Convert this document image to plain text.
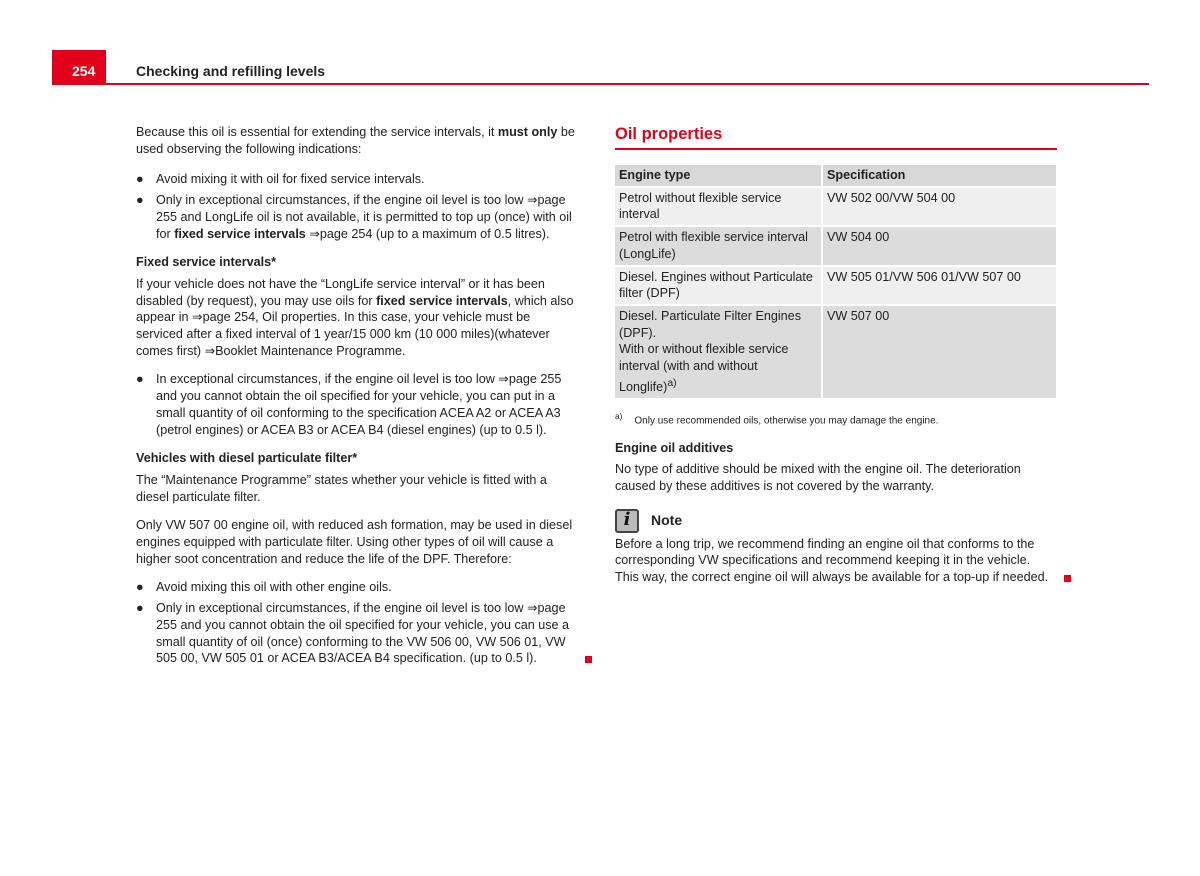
254	Checking and refilling levels

Because this oil is essential for extending the service intervals, it must only be used observing the following indications:

● Avoid mixing it with oil for fixed service intervals.
● Only in exceptional circumstances, if the engine oil level is too low ⇒page 255 and LongLife oil is not available, it is permitted to top up (once) with oil for fixed service intervals ⇒page 254 (up to a maximum of 0.5 litres).
Fixed service intervals*

If your vehicle does not have the “LongLife service interval” or it has been disabled (by request), you may use oils for fixed service intervals, which also appear in ⇒page 254, Oil properties. In this case, your vehicle must be serviced after a fixed interval of 1 year/15 000 km (10 000 miles)(whatever comes first) ⇒Booklet Maintenance Programme.

● In exceptional circumstances, if the engine oil level is too low ⇒page 255 and you cannot obtain the oil specified for your vehicle, you can put in a small quantity of oil conforming to the specification ACEA A2 or ACEA A3 (petrol engines) or ACEA B3 or ACEA B4 (diesel engines) (up to 0.5 l).
Vehicles with diesel particulate filter*

The “Maintenance Programme” states whether your vehicle is fitted with a diesel particulate filter.

Only VW 507 00 engine oil, with reduced ash formation, may be used in diesel engines equipped with particulate filter. Using other types of oil will cause a higher soot concentration and reduce the life of the DPF. Therefore:

● Avoid mixing this oil with other engine oils.
● Only in exceptional circumstances, if the engine oil level is too low ⇒page 255 and you cannot obtain the oil specified for your vehicle, you can use a small quantity of oil (once) conforming to the VW 506 00, VW 506 01, VW 505 00, VW 505 01 or ACEA B3/ACEA B4 specification. (up to 0.5 l).
Oil properties
Engine type	Specification
Petrol without flexible service interval	VW 502 00/VW 504 00
Petrol with flexible service interval (LongLife)	VW 504 00
Diesel. Engines without Particulate filter (DPF)	VW 505 01/VW 506 01/VW 507 00
Diesel. Particulate Filter Engines (DPF).
With or without flexible service interval (with and without Longlife)$^{a)}$	VW 507 00
$^{a)}$ Only use recommended oils, otherwise you may damage the engine.
Engine oil additives

No type of additive should be mixed with the engine oil. The deterioration caused by these additives is not covered by the warranty.

i	Note

Before a long trip, we recommend finding an engine oil that conforms to the corresponding VW specifications and recommend keeping it in the vehicle. This way, the correct engine oil will always be available for a top-up if needed.
